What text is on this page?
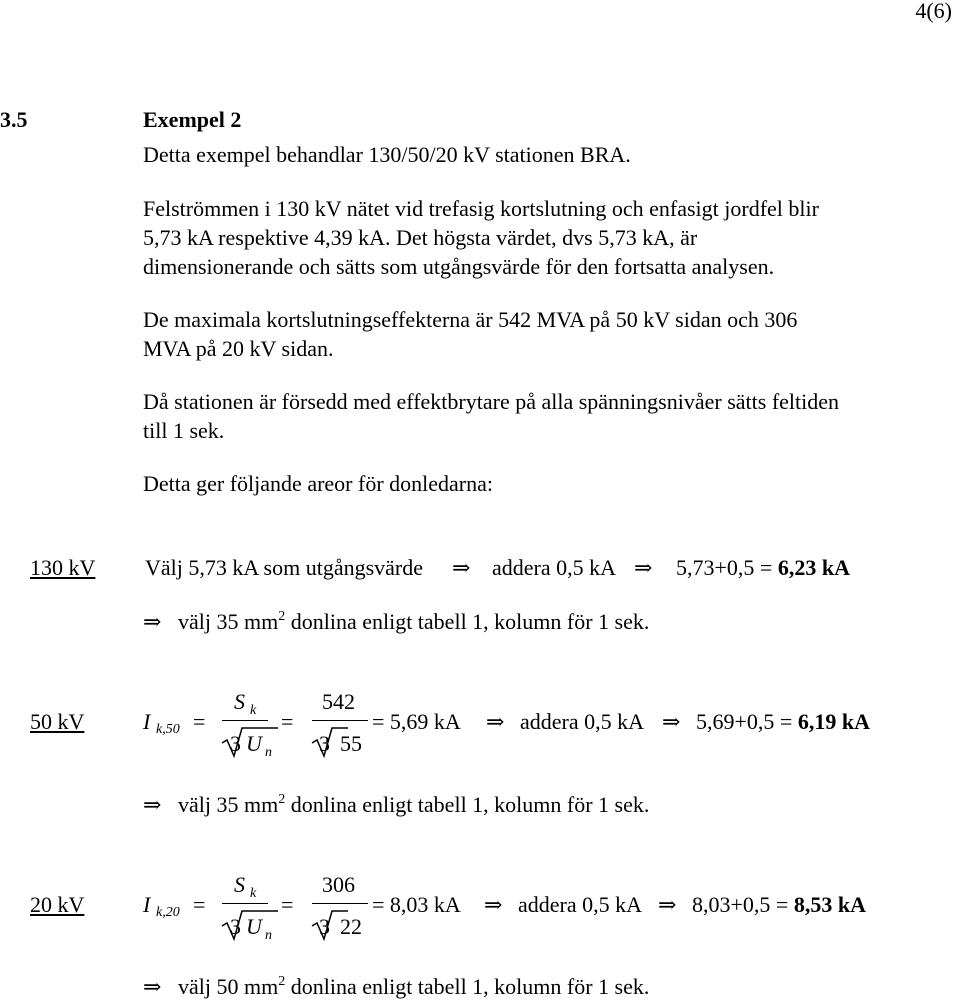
4(6)
3.5	Exempel 2
Detta exempel behandlar 130/50/20 kV stationen BRA.
Felströmmen i 130 kV nätet vid trefasig kortslutning och enfasigt jordfel blir
5,73 kA respektive 4,39 kA. Det högsta värdet, dvs 5,73 kA, är
dimensionerande och sätts som utgångsvärde för den fortsatta analysen.
De maximala kortslutningseffekterna är 542 MVA på 50 kV sidan och 306
MVA på 20 kV sidan.
Då stationen är försedd med effektbrytare på alla spänningsnivåer sätts feltiden
till 1 sek.
Detta ger följande areor för donledarna:
130 kV Välj 5,73 kA som utgångsvärde ⇒ addera 0,5 kA ⇒ 5,73+0,5 = 6,23 kA
⇒ välj 35 $mm^2$ donlina enligt tabell 1, kolumn för 1 sek.
50 kV	I k,50 =
S k
3 U n
=
542
3 55
= 5,69 kA ⇒ addera 0,5 kA ⇒ 5,69+0,5 = 6,19 kA
⇒ välj 35 $mm^2$ donlina enligt tabell 1, kolumn för 1 sek.
20 kV	I k,20 =
S k
3 U n
=
306
3 22
= 8,03 kA ⇒ addera 0,5 kA ⇒ 8,03+0,5 = 8,53 kA
⇒ välj 50 $mm^2$ donlina enligt tabell 1, kolumn för 1 sek.
